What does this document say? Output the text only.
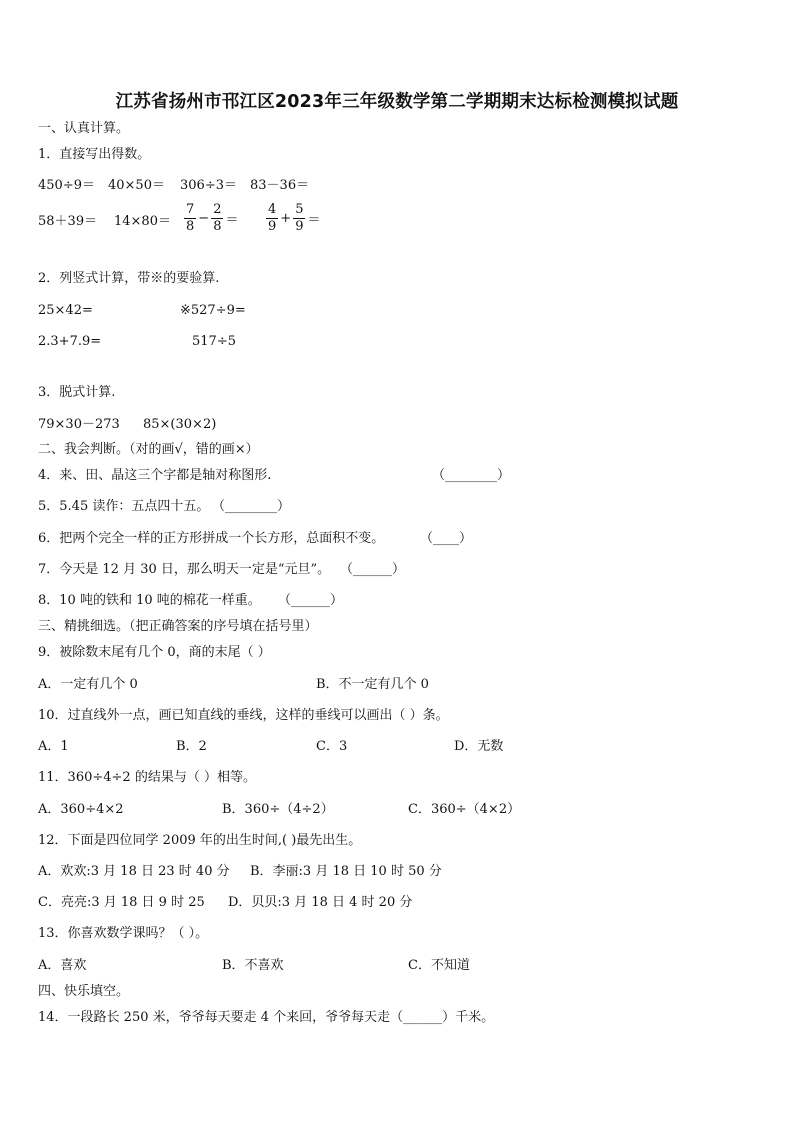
江苏省扬州市邗江区2023年三年级数学第二学期期末达标检测模拟试题
一、认真计算。
1．直接写出得数。
450÷9＝ 40×50＝ 306÷3＝ 83－36＝
$58+39= 14\times 80= \frac{7}{8} - \frac{2}{8} = \frac{4}{9} + \frac{5}{9}$ ＝
2．列竖式计算，带※的要验算.
25×42=	※527÷9=
2.3+7.9=	517÷5
3．脱式计算.
79×30－273 85×(30×2)
二、我会判断。（对的画√，错的画×）
4．来、田、晶这三个字都是轴对称图形.	（________）
5．5.45 读作：五点四十五。 （________）
6．把两个完全一样的正方形拼成一个长方形，总面积不变。	（____）
7．今天是 12 月 30 日，那么明天一定是“元旦”。 （______）
8．10 吨的铁和 10 吨的棉花一样重。 （______）
三、精挑细选。（把正确答案的序号填在括号里）
9．被除数末尾有几个 0，商的末尾（ ）
A．一定有几个 0	B．不一定有几个 0
10．过直线外一点，画已知直线的垂线，这样的垂线可以画出（ ）条。
A．1	B．2	C．3	D．无数
11．360÷4÷2 的结果与（ ）相等。
A．360÷4×2	B．360÷（4÷2）	C．360÷（4×2）
12．下面是四位同学 2009 年的出生时间,( )最先出生。
A．欢欢:3 月 18 日 23 时 40 分 B．李丽:3 月 18 日 10 时 50 分
C．亮亮:3 月 18 日 9 时 25 D．贝贝:3 月 18 日 4 时 20 分
13．你喜欢数学课吗？（ ）。
A．喜欢	B．不喜欢	C．不知道
四、快乐填空。
14．一段路长 250 米，爷爷每天要走 4 个来回，爷爷每天走（______）千米。
